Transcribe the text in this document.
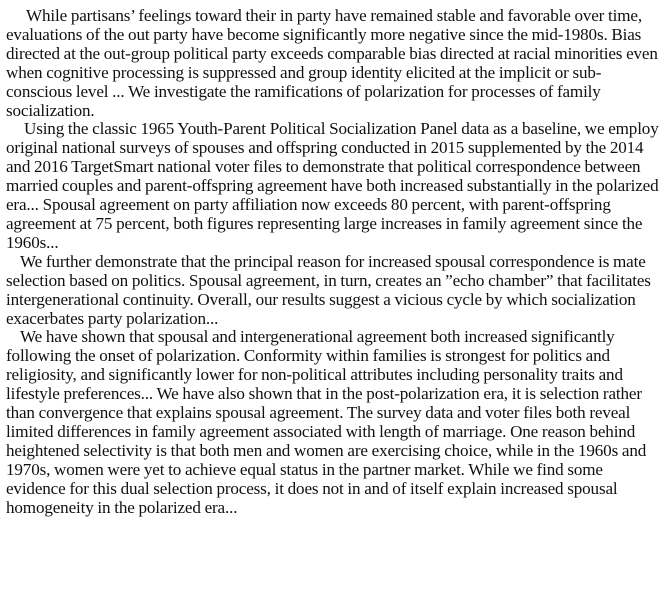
While partisans’ feelings toward their in party have remained stable and favorable over time, evaluations of the out party have become significantly more negative since the mid-1980s. Bias directed at the out-group political party exceeds comparable bias directed at racial minorities even when cognitive processing is suppressed and group identity elicited at the implicit or sub-conscious level ... We investigate the ramifications of polarization for processes of family socialization.

Using the classic 1965 Youth-Parent Political Socialization Panel data as a baseline, we employ original national surveys of spouses and offspring conducted in 2015 supplemented by the 2014 and 2016 TargetSmart national voter files to demonstrate that political correspondence between married couples and parent-offspring agreement have both increased substantially in the polarized era... Spousal agreement on party affiliation now exceeds 80 percent, with parent-offspring agreement at 75 percent, both figures representing large increases in family agreement since the 1960s...

We further demonstrate that the principal reason for increased spousal correspondence is mate selection based on politics. Spousal agreement, in turn, creates an ”echo chamber” that facilitates intergenerational continuity. Overall, our results suggest a vicious cycle by which socialization exacerbates party polarization...

We have shown that spousal and intergenerational agreement both increased significantly following the onset of polarization. Conformity within families is strongest for politics and religiosity, and significantly lower for non-political attributes including personality traits and lifestyle preferences... We have also shown that in the post-polarization era, it is selection rather than convergence that explains spousal agreement. The survey data and voter files both reveal limited differences in family agreement associated with length of marriage. One reason behind heightened selectivity is that both men and women are exercising choice, while in the 1960s and 1970s, women were yet to achieve equal status in the partner market. While we find some evidence for this dual selection process, it does not in and of itself explain increased spousal homogeneity in the polarized era...
